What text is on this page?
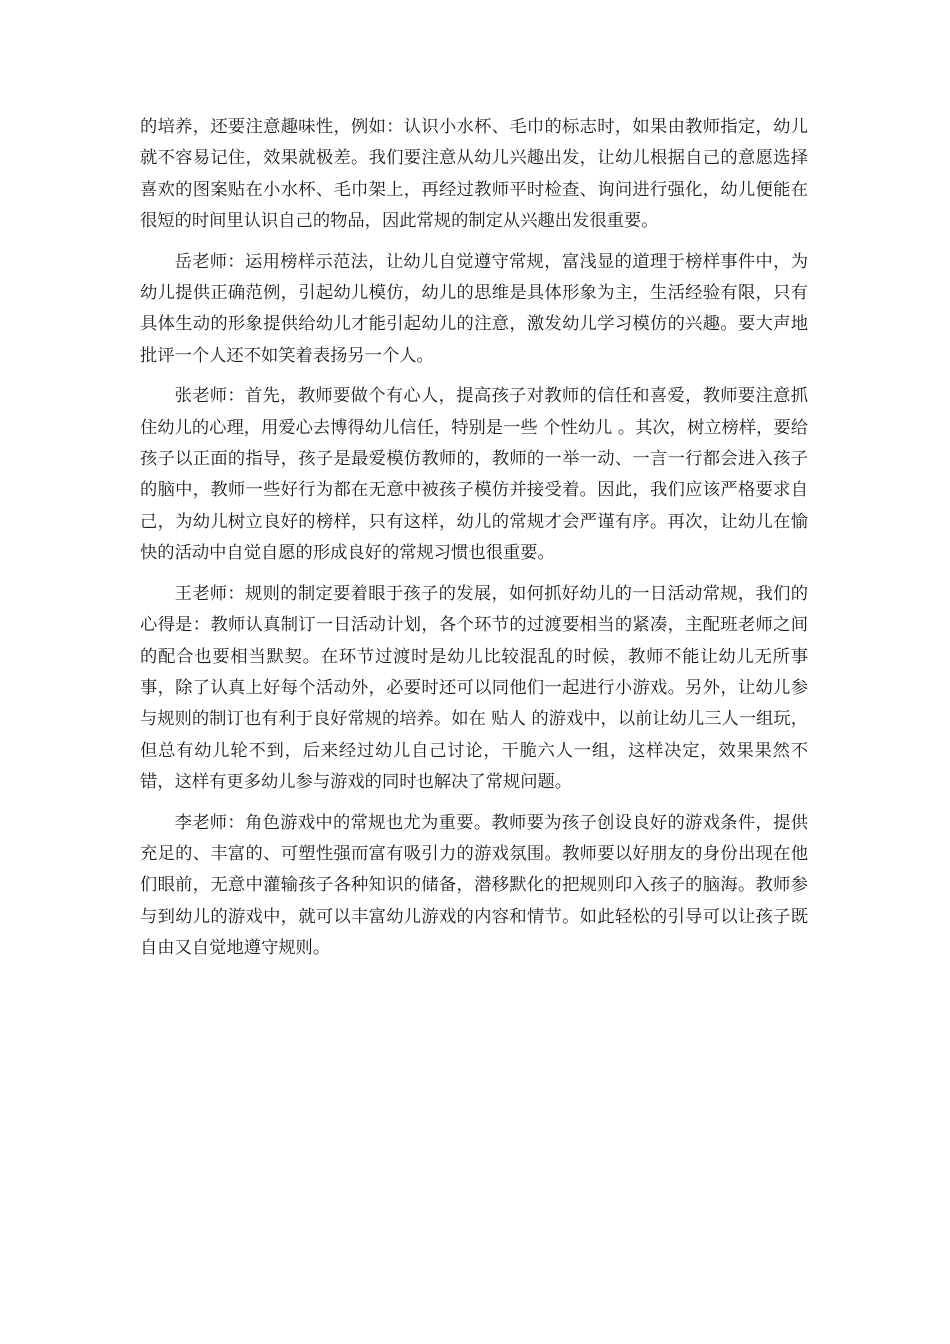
的培养，还要注意趣味性，例如：认识小水杯、毛巾的标志时，如果由教师指定，幼儿就不容易记住，效果就极差。我们要注意从幼儿兴趣出发，让幼儿根据自己的意愿选择喜欢的图案贴在小水杯、毛巾架上，再经过教师平时检查、询问进行强化，幼儿便能在很短的时间里认识自己的物品，因此常规的制定从兴趣出发很重要。

岳老师：运用榜样示范法，让幼儿自觉遵守常规，富浅显的道理于榜样事件中，为幼儿提供正确范例，引起幼儿模仿，幼儿的思维是具体形象为主，生活经验有限，只有具体生动的形象提供给幼儿才能引起幼儿的注意，激发幼儿学习模仿的兴趣。要大声地批评一个人还不如笑着表扬另一个人。

张老师：首先，教师要做个有心人，提高孩子对教师的信任和喜爱，教师要注意抓住幼儿的心理，用爱心去博得幼儿信任，特别是一些 个性幼儿 。其次，树立榜样，要给孩子以正面的指导，孩子是最爱模仿教师的，教师的一举一动、一言一行都会进入孩子的脑中，教师一些好行为都在无意中被孩子模仿并接受着。因此，我们应该严格要求自己，为幼儿树立良好的榜样，只有这样，幼儿的常规才会严谨有序。再次，让幼儿在愉快的活动中自觉自愿的形成良好的常规习惯也很重要。

王老师：规则的制定要着眼于孩子的发展，如何抓好幼儿的一日活动常规，我们的心得是：教师认真制订一日活动计划，各个环节的过渡要相当的紧凑，主配班老师之间的配合也要相当默契。在环节过渡时是幼儿比较混乱的时候，教师不能让幼儿无所事事，除了认真上好每个活动外，必要时还可以同他们一起进行小游戏。另外，让幼儿参与规则的制订也有利于良好常规的培养。如在 贴人 的游戏中，以前让幼儿三人一组玩，但总有幼儿轮不到，后来经过幼儿自己讨论，干脆六人一组，这样决定，效果果然不错，这样有更多幼儿参与游戏的同时也解决了常规问题。

李老师：角色游戏中的常规也尤为重要。教师要为孩子创设良好的游戏条件，提供充足的、丰富的、可塑性强而富有吸引力的游戏氛围。教师要以好朋友的身份出现在他们眼前，无意中灌输孩子各种知识的储备，潜移默化的把规则印入孩子的脑海。教师参与到幼儿的游戏中，就可以丰富幼儿游戏的内容和情节。如此轻松的引导可以让孩子既自由又自觉地遵守规则。
